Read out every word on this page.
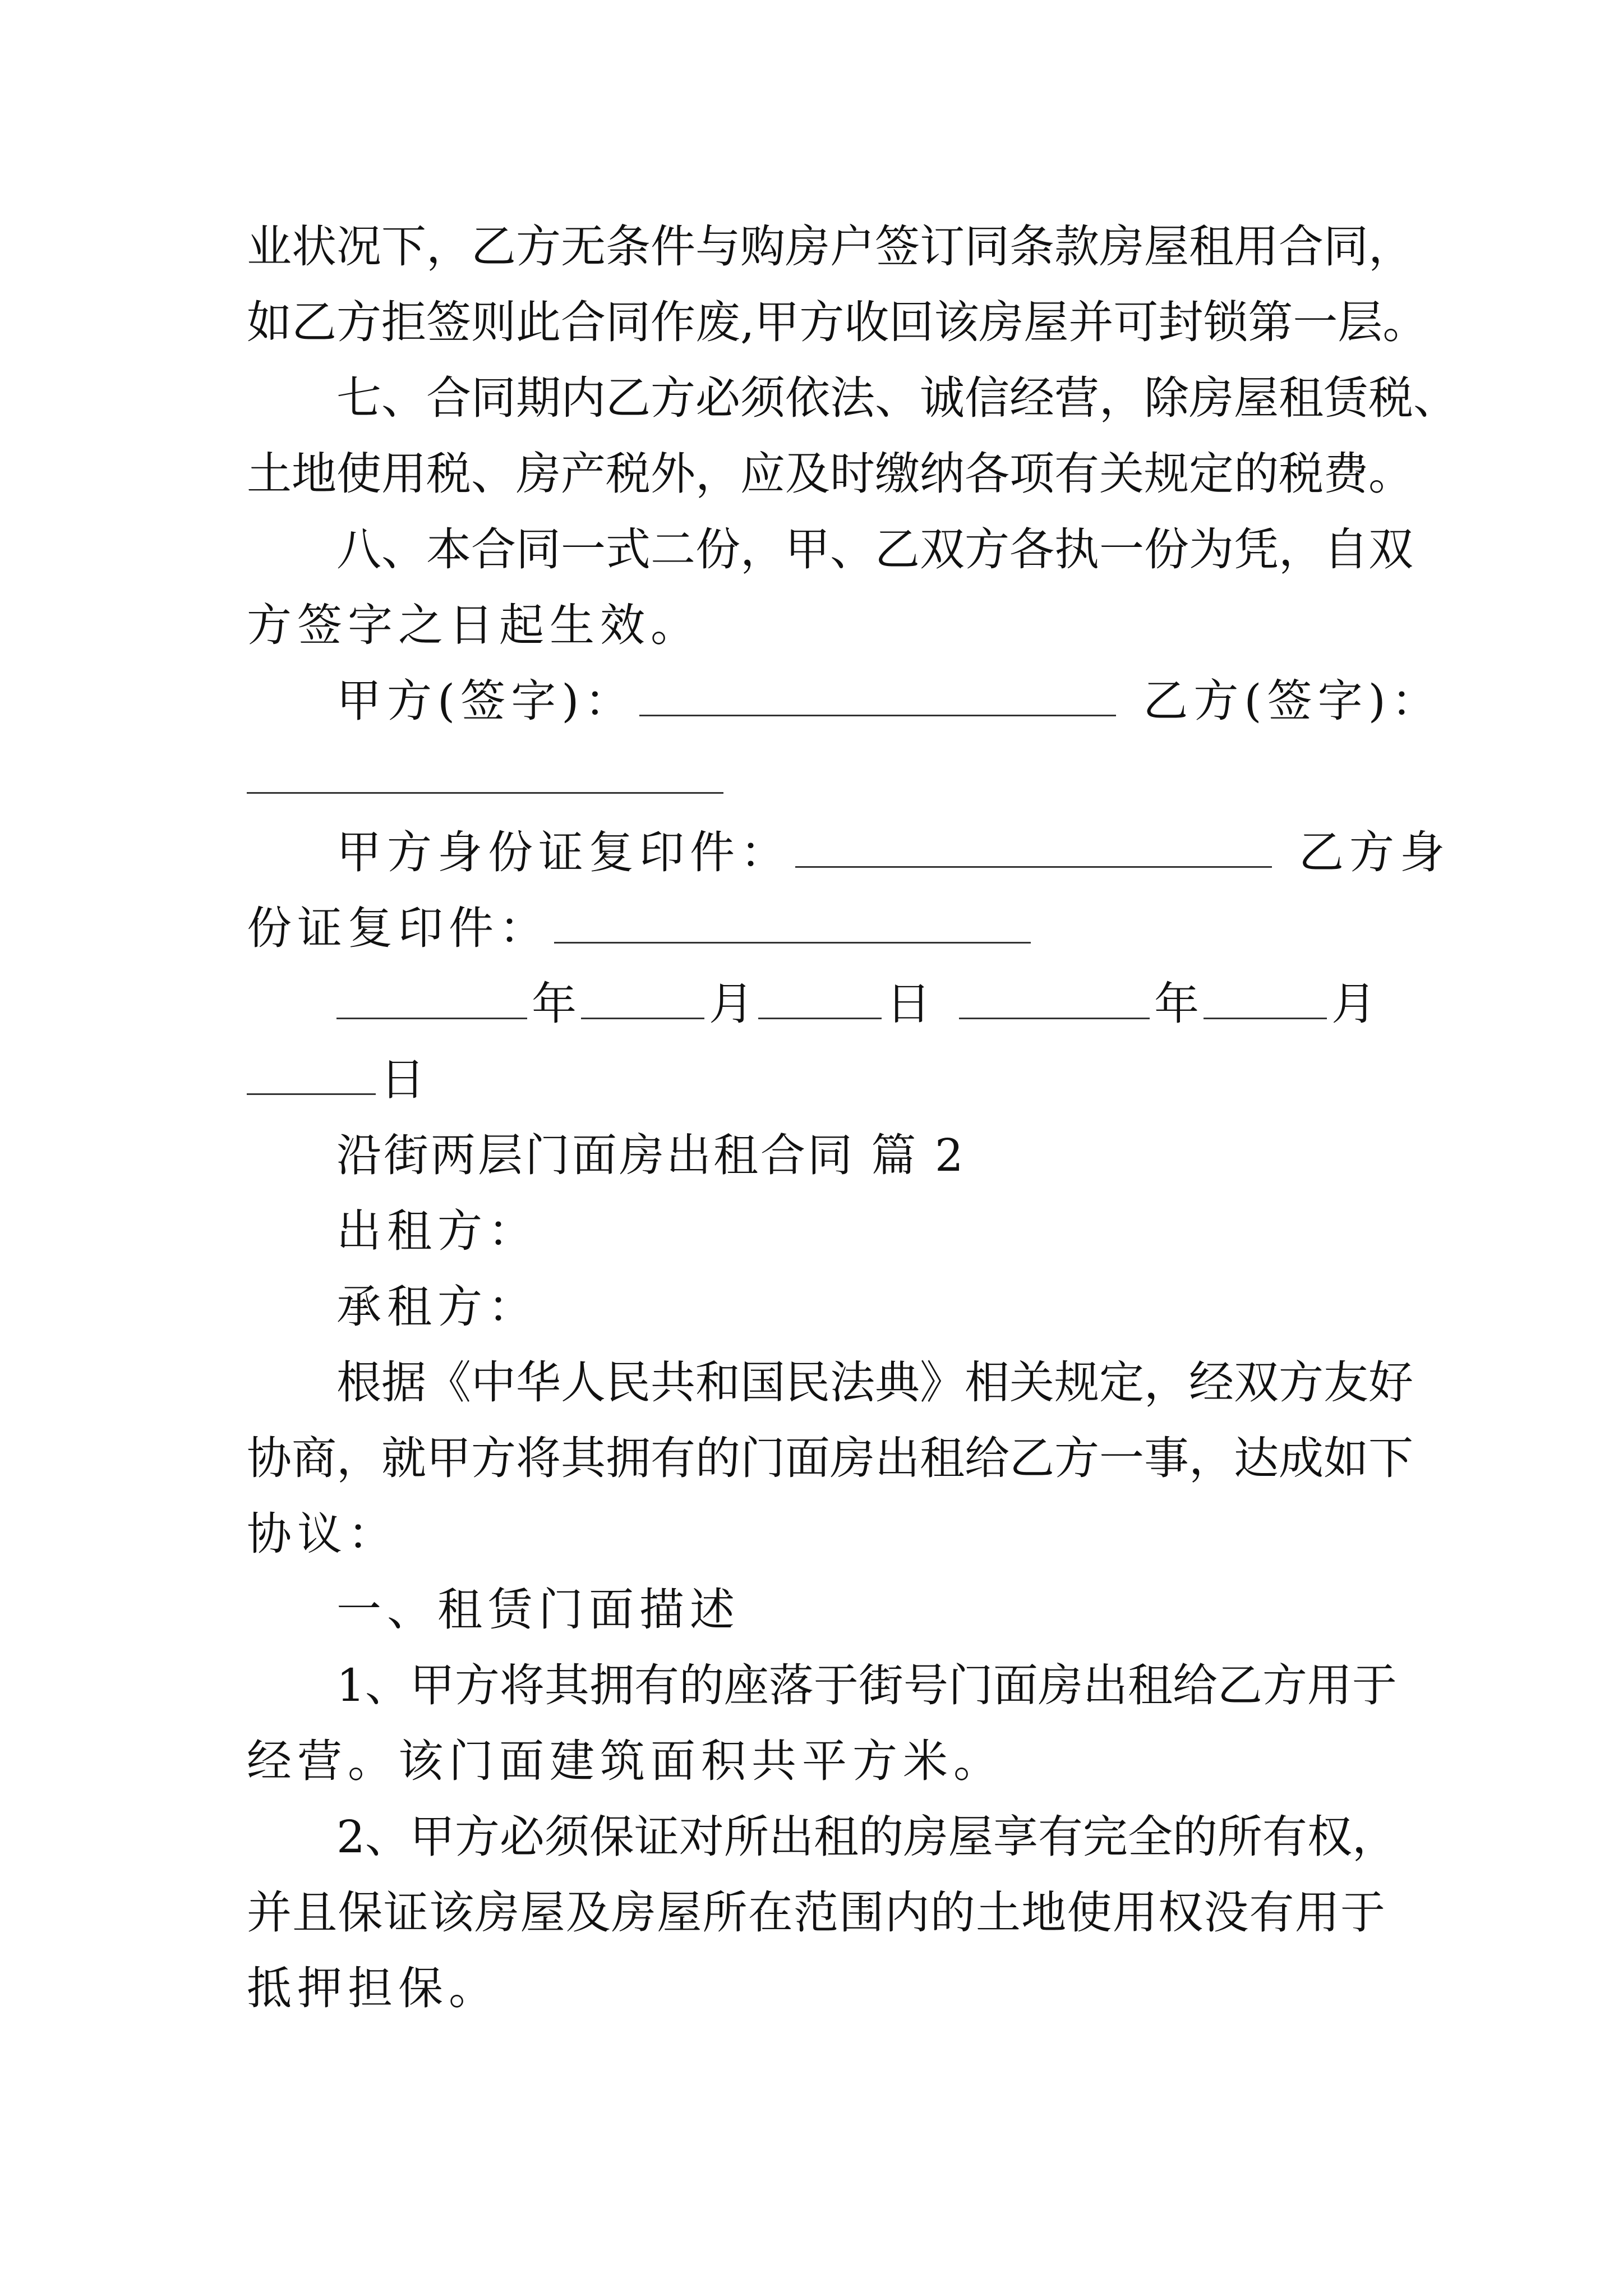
业状况下，乙方无条件与购房户签订同条款房屋租用合同，
如乙方拒签则此合同作废,甲方收回该房屋并可封锁第一层。
七、合同期内乙方必须依法、诚信经营，除房屋租赁税、
土地使用税、房产税外，应及时缴纳各项有关规定的税费。
八、本合同一式二份，甲、乙双方各执一份为凭，自双
方签字之日起生效。
甲方(签字)：	乙方(签字)：
甲方身份证复印件：	乙方身
份证复印件：
年	月	日	年	月
日
沿街两层门面房出租合同 篇 2
出租方：
承租方：
根据《中华人民共和国民法典》相关规定，经双方友好
协商，就甲方将其拥有的门面房出租给乙方一事，达成如下
协议：
一、租赁门面描述
1、甲方将其拥有的座落于街号门面房出租给乙方用于
经营。该门面建筑面积共平方米。
2、甲方必须保证对所出租的房屋享有完全的所有权，
并且保证该房屋及房屋所在范围内的土地使用权没有用于
抵押担保。
